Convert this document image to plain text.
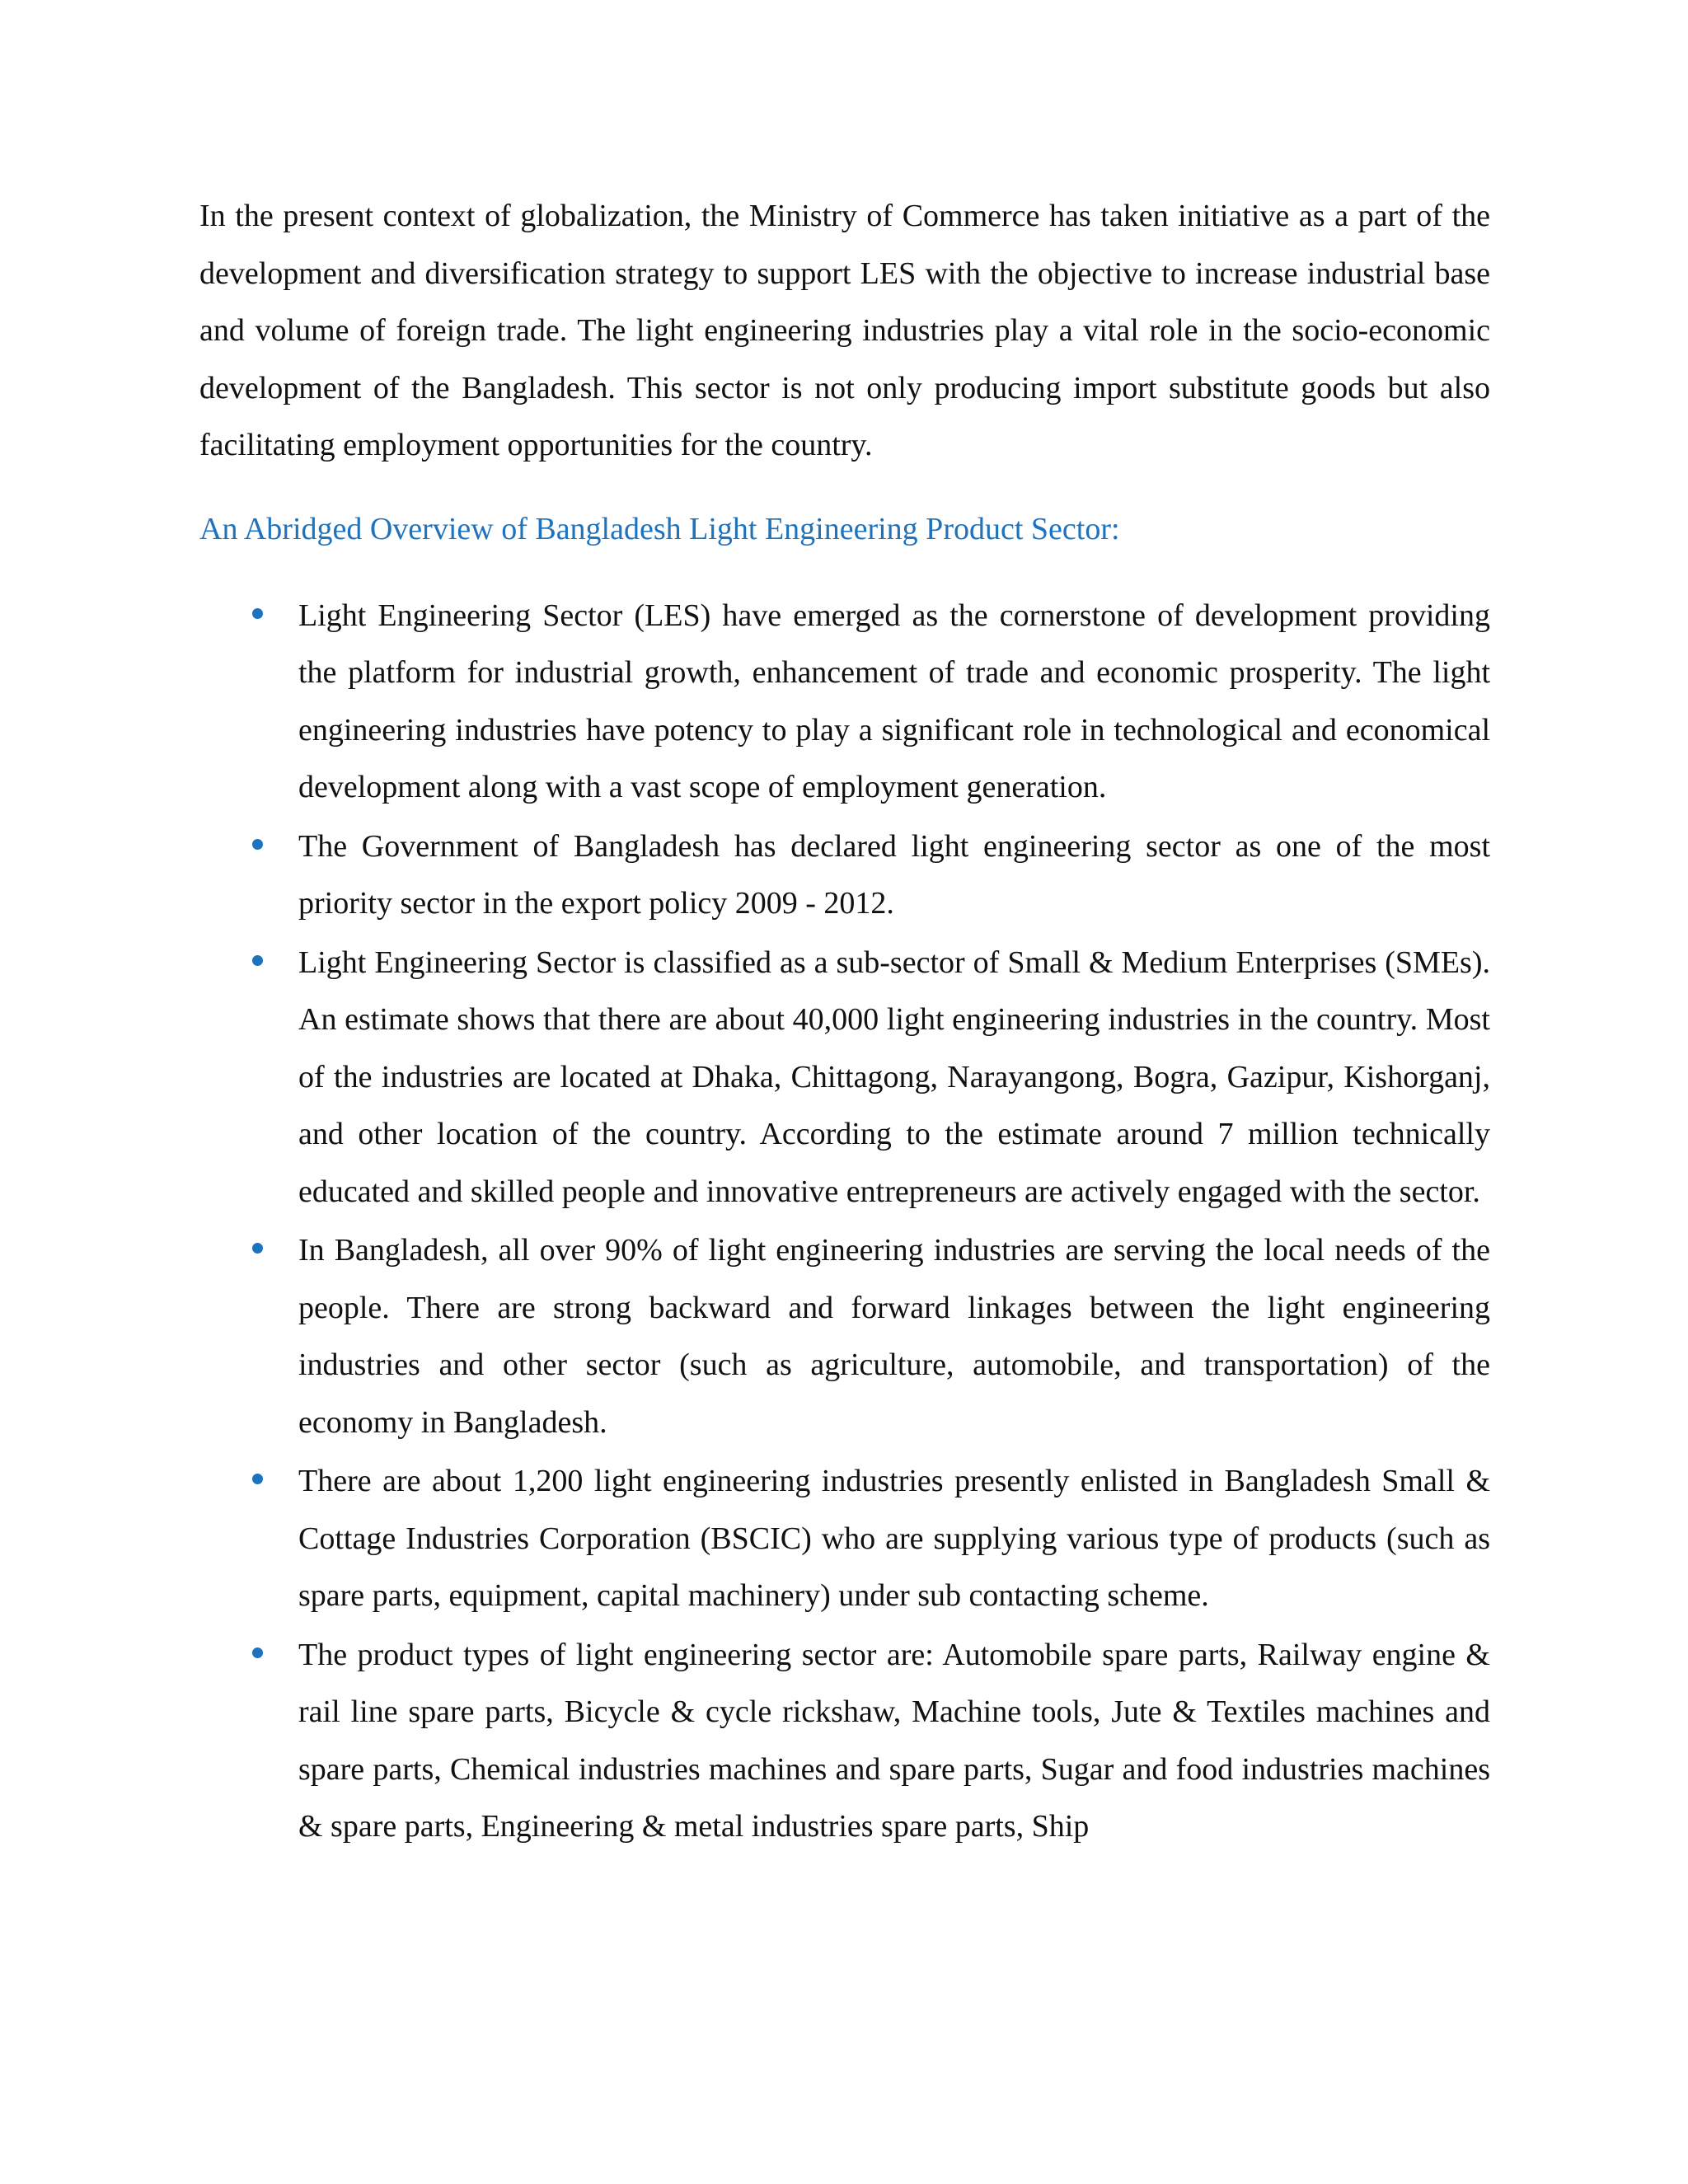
In the present context of globalization, the Ministry of Commerce has taken initiative as a part of the development and diversification strategy to support LES with the objective to increase industrial base and volume of foreign trade. The light engineering industries play a vital role in the socio-economic development of the Bangladesh. This sector is not only producing import substitute goods but also facilitating employment opportunities for the country.

An Abridged Overview of Bangladesh Light Engineering Product Sector:
Light Engineering Sector (LES) have emerged as the cornerstone of development providing the platform for industrial growth, enhancement of trade and economic prosperity. The light engineering industries have potency to play a significant role in technological and economical development along with a vast scope of employment generation.
The Government of Bangladesh has declared light engineering sector as one of the most priority sector in the export policy 2009 - 2012.
Light Engineering Sector is classified as a sub-sector of Small & Medium Enterprises (SMEs). An estimate shows that there are about 40,000 light engineering industries in the country. Most of the industries are located at Dhaka, Chittagong, Narayangong, Bogra, Gazipur, Kishorganj, and other location of the country. According to the estimate around 7 million technically educated and skilled people and innovative entrepreneurs are actively engaged with the sector.
In Bangladesh, all over 90% of light engineering industries are serving the local needs of the people. There are strong backward and forward linkages between the light engineering industries and other sector (such as agriculture, automobile, and transportation) of the economy in Bangladesh.
There are about 1,200 light engineering industries presently enlisted in Bangladesh Small & Cottage Industries Corporation (BSCIC) who are supplying various type of products (such as spare parts, equipment, capital machinery) under sub contacting scheme.
The product types of light engineering sector are: Automobile spare parts, Railway engine & rail line spare parts, Bicycle & cycle rickshaw, Machine tools, Jute & Textiles machines and spare parts, Chemical industries machines and spare parts, Sugar and food industries machines & spare parts, Engineering & metal industries spare parts, Ship
